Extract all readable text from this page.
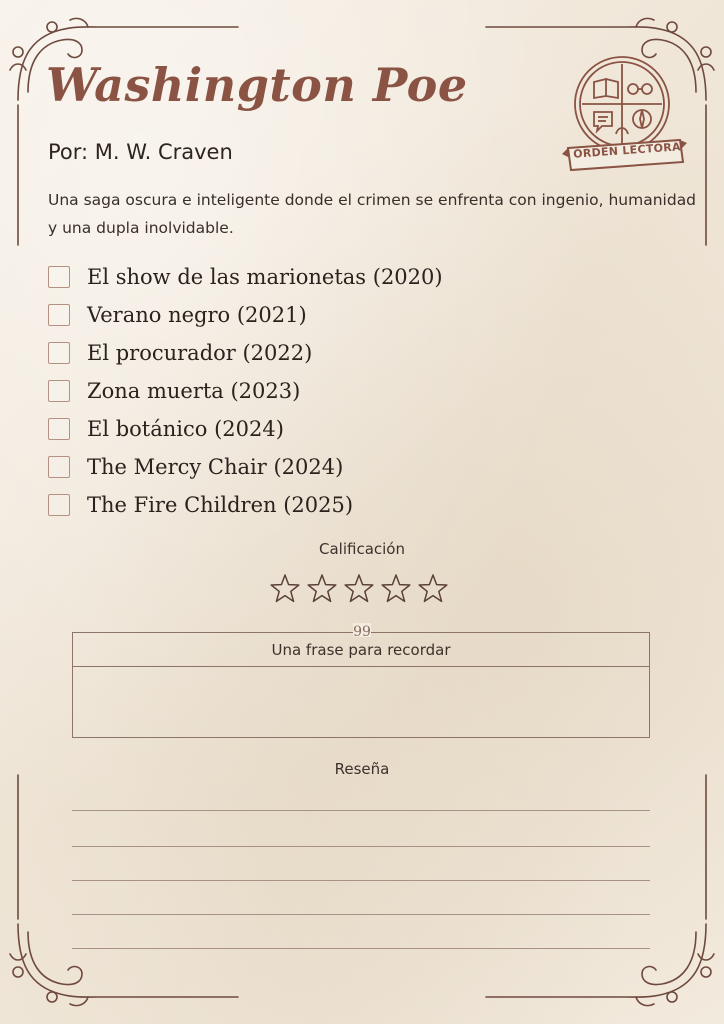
Washington Poe
Por: M. W. Craven
Una saga oscura e inteligente donde el crimen se enfrenta con ingenio, humanidad y una dupla inolvidable.
ORDEN LECTORA
El show de las marionetas (2020)
Verano negro (2021)
El procurador (2022)
Zona muerta (2023)
El botánico (2024)
The Mercy Chair (2024)
The Fire Children (2025)
Calificación
99
Una frase para recordar
Reseña
